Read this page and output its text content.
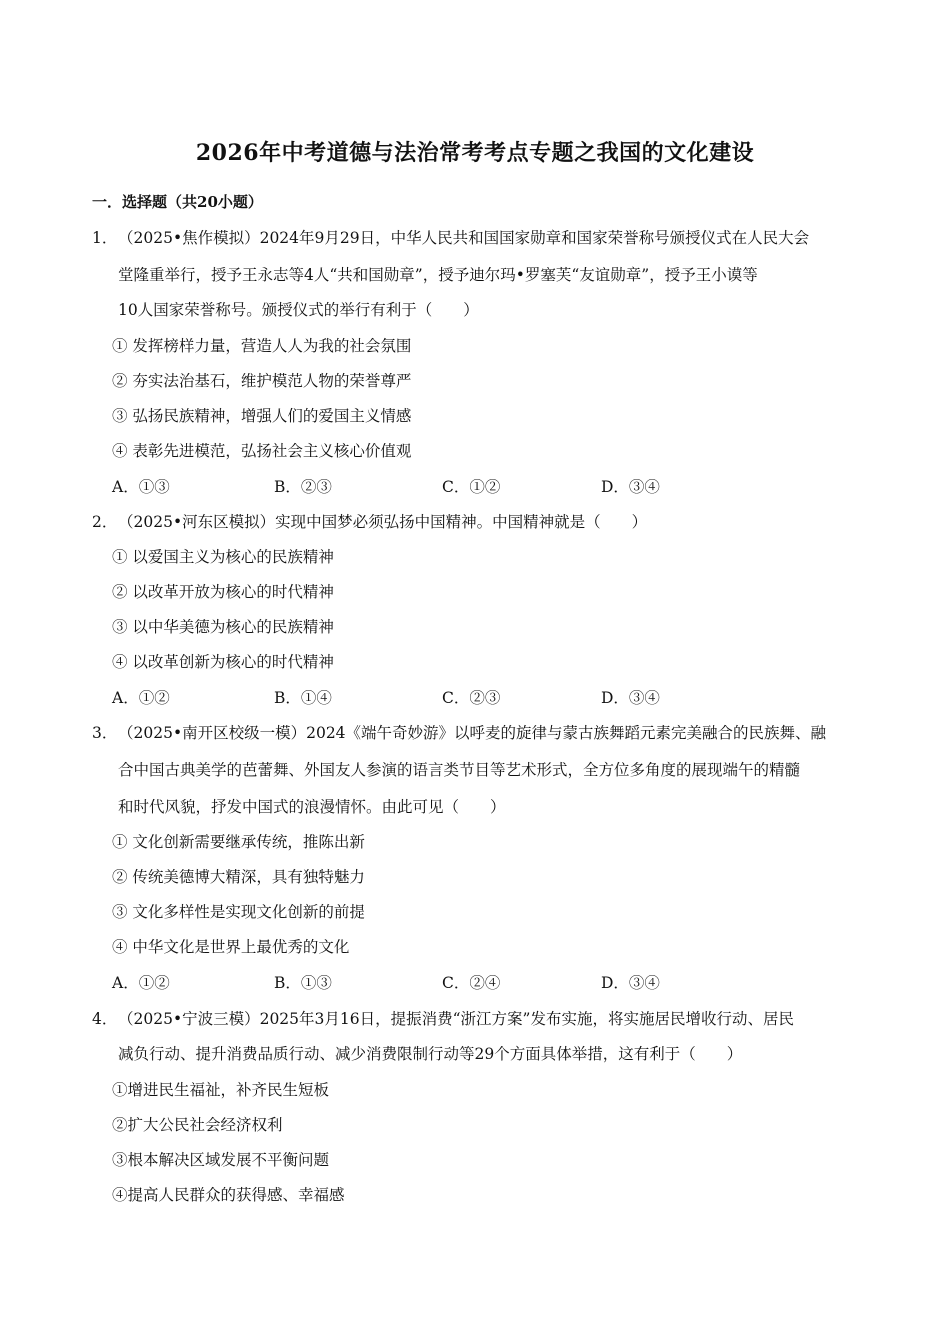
2026年中考道德与法治常考考点专题之我国的文化建设
一．选择题（共20小题）
1． （2025•焦作模拟）2024年9月29日，中华人民共和国国家勋章和国家荣誉称号颁授仪式在人民大会
堂隆重举行，授予王永志等4人“共和国勋章”，授予迪尔玛•罗塞芙“友谊勋章”，授予王小谟等
10人国家荣誉称号。颁授仪式的举行有利于（　　）
① 发挥榜样力量，营造人人为我的社会氛围
② 夯实法治基石，维护模范人物的荣誉尊严
③ 弘扬民族精神，增强人们的爱国主义情感
④ 表彰先进模范，弘扬社会主义核心价值观
A．①③	B．②③	C．①②	D．③④
2． （2025•河东区模拟）实现中国梦必须弘扬中国精神。中国精神就是（　　）
① 以爱国主义为核心的民族精神
② 以改革开放为核心的时代精神
③ 以中华美德为核心的民族精神
④ 以改革创新为核心的时代精神
A．①②	B．①④	C．②③	D．③④
3． （2025•南开区校级一模）2024《端午奇妙游》以呼麦的旋律与蒙古族舞蹈元素完美融合的民族舞、融
合中国古典美学的芭蕾舞、外国友人参演的语言类节目等艺术形式，全方位多角度的展现端午的精髓
和时代风貌，抒发中国式的浪漫情怀。由此可见（　　）
① 文化创新需要继承传统，推陈出新
② 传统美德博大精深，具有独特魅力
③ 文化多样性是实现文化创新的前提
④ 中华文化是世界上最优秀的文化
A．①②	B．①③	C．②④	D．③④
4． （2025•宁波三模）2025年3月16日，提振消费“浙江方案”发布实施，将实施居民增收行动、居民
减负行动、提升消费品质行动、减少消费限制行动等29个方面具体举措，这有利于（　　）
①增进民生福祉，补齐民生短板
②扩大公民社会经济权利
③根本解决区域发展不平衡问题
④提高人民群众的获得感、幸福感
